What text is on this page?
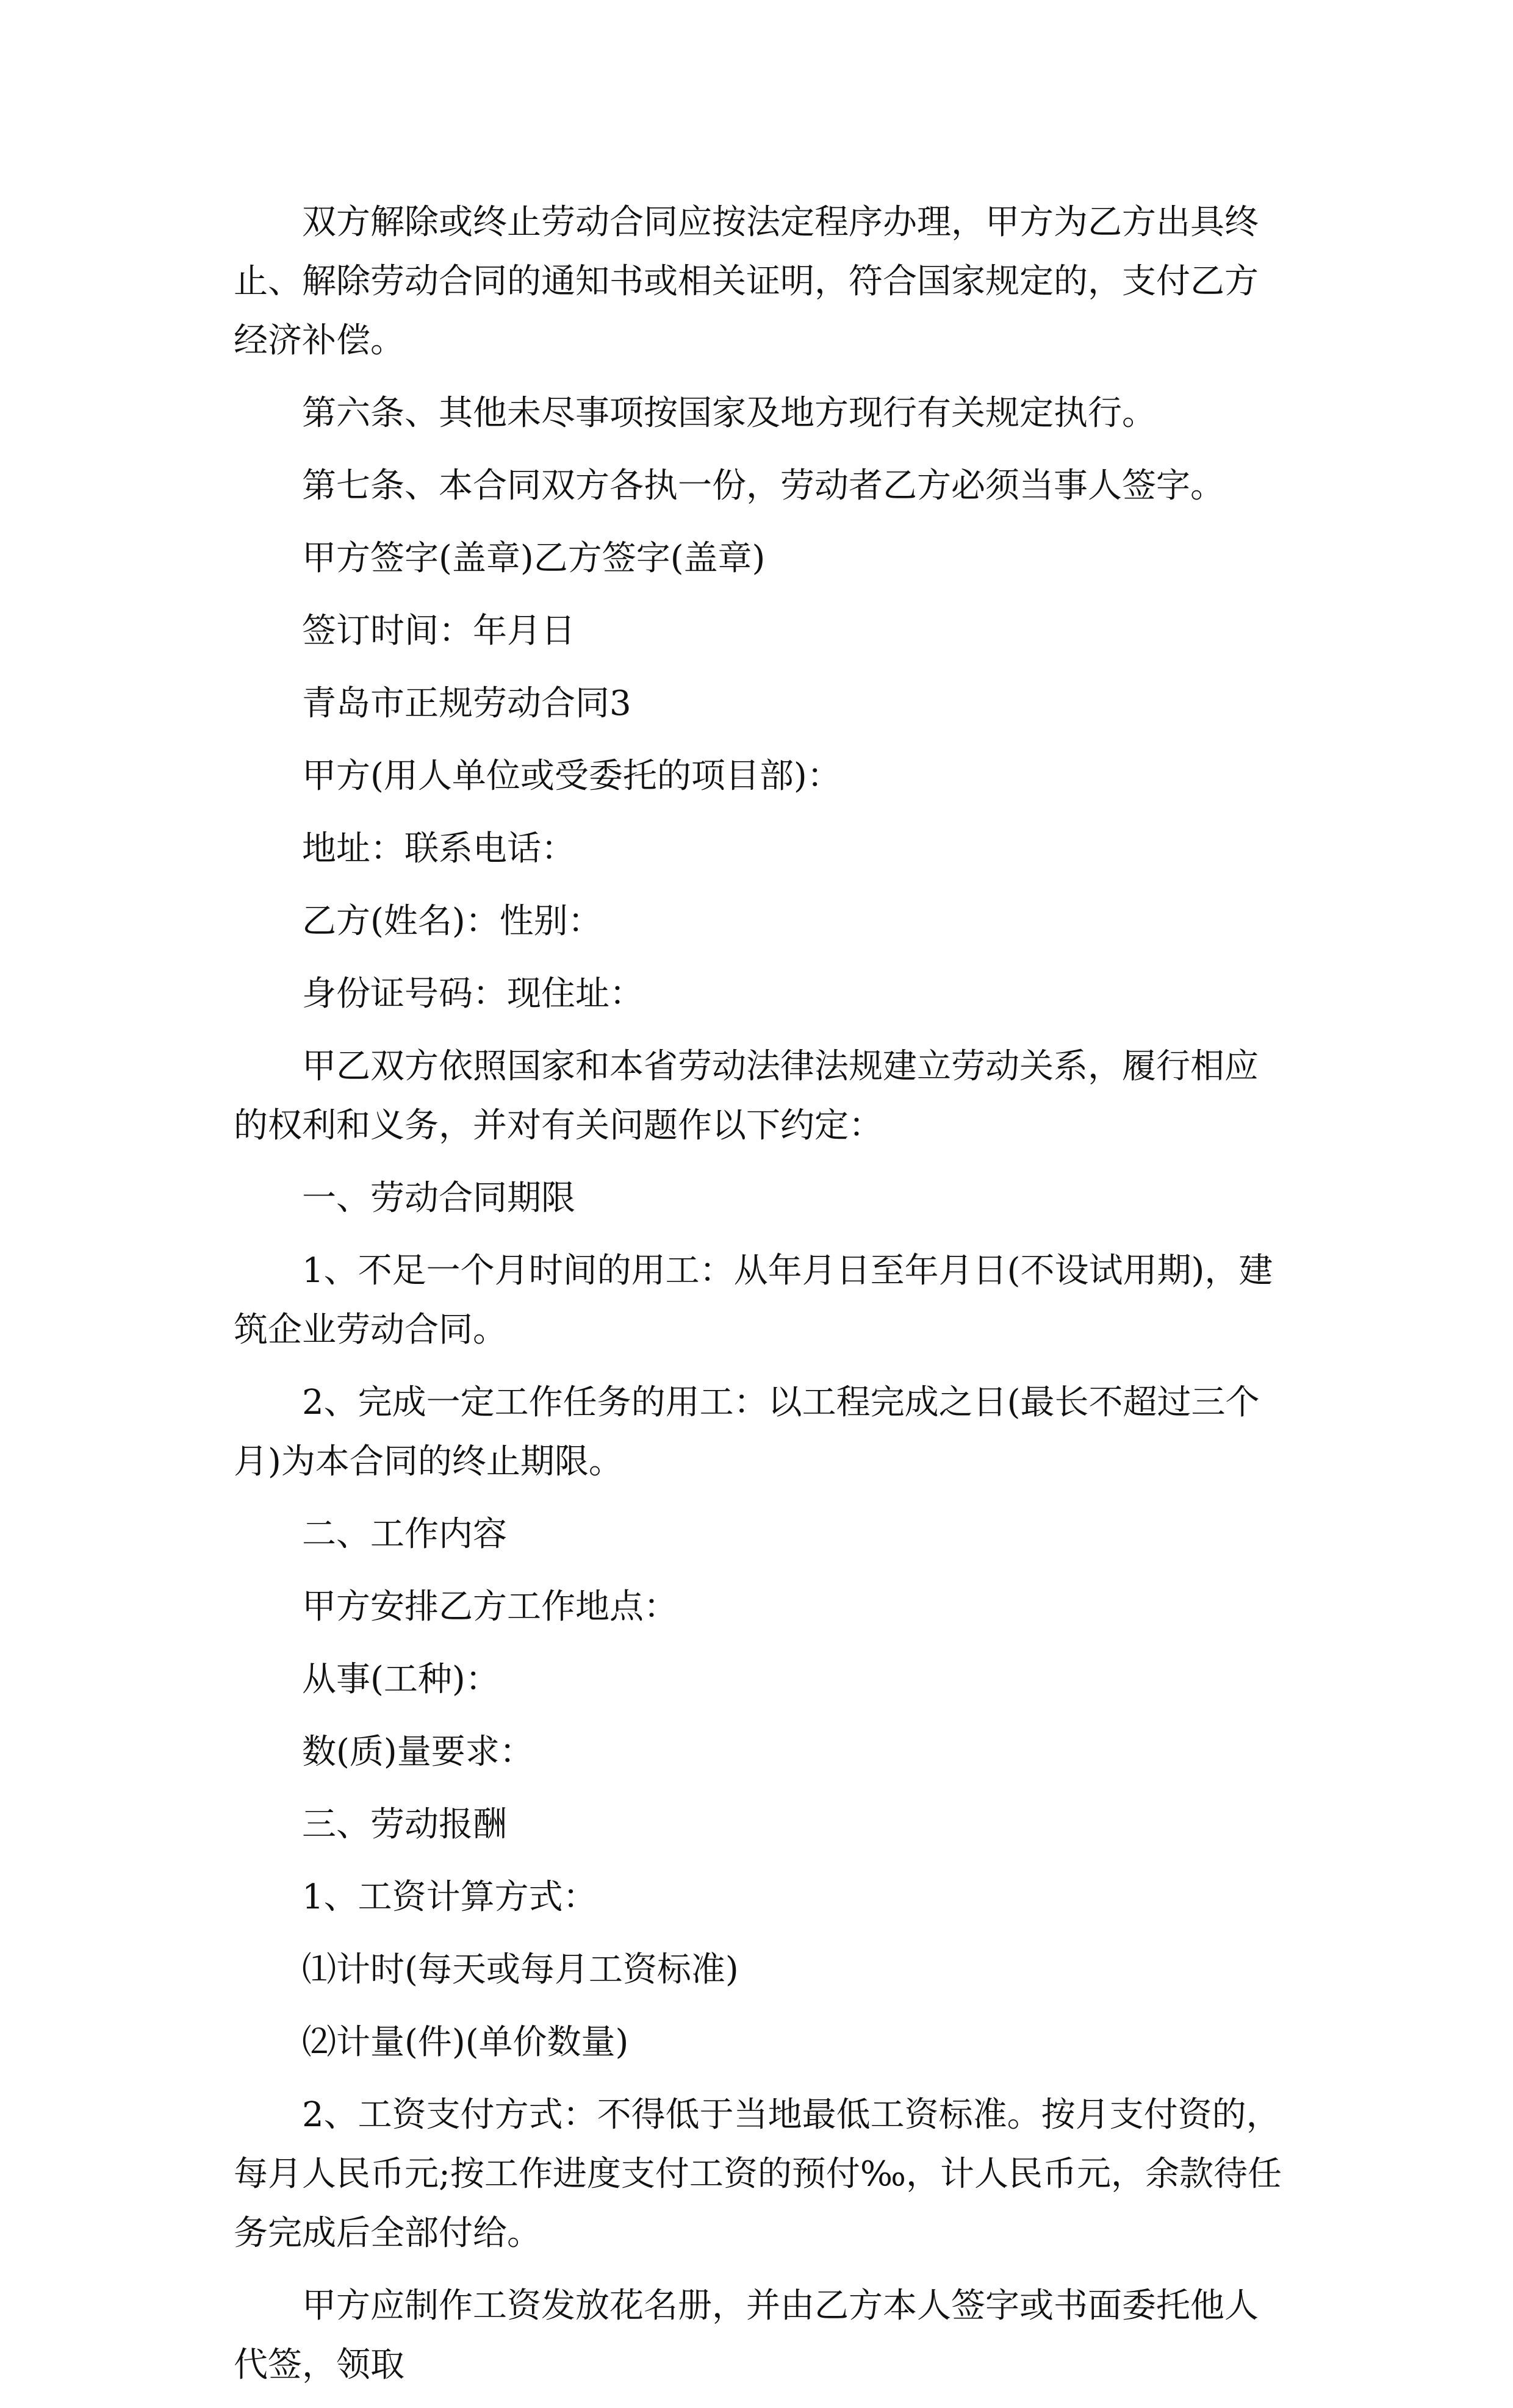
双方解除或终止劳动合同应按法定程序办理，甲方为乙方出具终止、解除劳动合同的通知书或相关证明，符合国家规定的，支付乙方经济补偿。

第六条、其他未尽事项按国家及地方现行有关规定执行。

第七条、本合同双方各执一份，劳动者乙方必须当事人签字。

甲方签字(盖章)乙方签字(盖章)

签订时间：年月日

青岛市正规劳动合同3

甲方(用人单位或受委托的项目部)：

地址：联系电话：

乙方(姓名)：性别：

身份证号码：现住址：

甲乙双方依照国家和本省劳动法律法规建立劳动关系，履行相应的权利和义务，并对有关问题作以下约定：

一、劳动合同期限

1、不足一个月时间的用工：从年月日至年月日(不设试用期)，建筑企业劳动合同。

2、完成一定工作任务的用工：以工程完成之日(最长不超过三个月)为本合同的终止期限。

二、工作内容

甲方安排乙方工作地点：

从事(工种)：

数(质)量要求：

三、劳动报酬

1、工资计算方式：

⑴计时(每天或每月工资标准)

⑵计量(件)(单价数量)

2、工资支付方式：不得低于当地最低工资标准。按月支付资的，每月人民币元;按工作进度支付工资的预付‰，计人民币元，余款待任务完成后全部付给。

甲方应制作工资发放花名册，并由乙方本人签字或书面委托他人代签，领取
